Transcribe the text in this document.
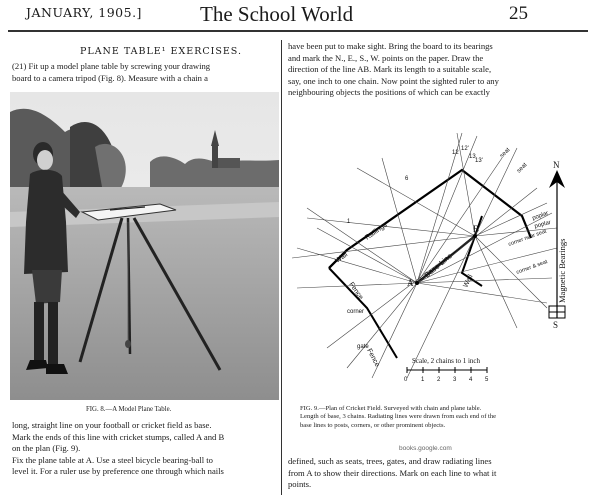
JANUARY, 1905.]	The School World	25
PLANE TABLE¹ EXERCISES.
(21) Fit up a model plane table by screwing your drawing
board to a camera tripod (Fig. 8). Measure with a chain a
FIG. 8.—A Model Plane Table.
long, straight line on your football or cricket field as base.
Mark the ends of this line with cricket stumps, called A and B
on the plan (Fig. 9).
Fix the plane table at A. Use a steel bicycle bearing-ball to
level it. For a ruler use by preference one through which nails
have been put to make sight. Bring the board to its bearings
and mark the N., E., S., W. points on the paper. Draw the
direction of the line AB. Mark its length to a suitable scale,
say, one inch to one chain. Now point the sighted ruler to any
neighbouring objects the positions of which can be exactly
A
B
Base Line
Railings
Wall
Wall
Fence
Fence
corner
gate
seat
seat
poplar
poplar
corner near seat
corner & seat
1
6
12
12'
13
13'	N
S
Magnetic Bearings
Scale, 2 chains to 1 inch
0 1 2 3 4 5
FIG. 9.—Plan of Cricket Field. Surveyed with chain and plane table.
Length of base, 3 chains. Radiating lines were drawn from each end of the
base lines to posts, corners, or other prominent objects.
books.google.com
defined, such as seats, trees, gates, and draw radiating lines
from A to show their directions. Mark on each line to what it
points.
